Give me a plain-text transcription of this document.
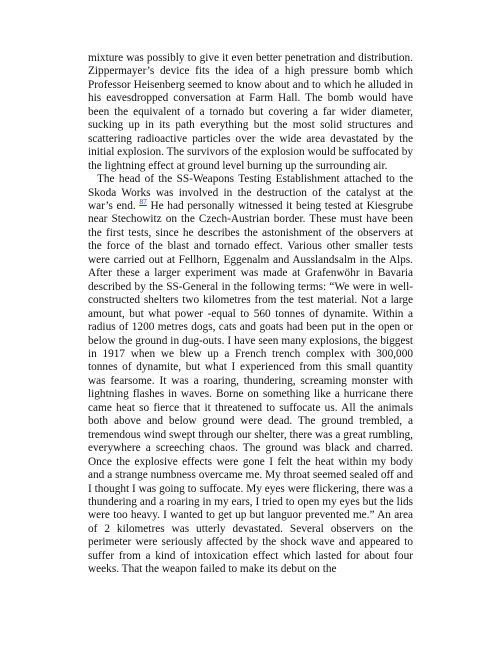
mixture was possibly to give it even better penetration and distribution. Zippermayer’s device fits the idea of a high pressure bomb which Professor Heisenberg seemed to know about and to which he alluded in his eavesdropped conversation at Farm Hall. The bomb would have been the equivalent of a tornado but covering a far wider diameter, sucking up in its path everything but the most solid structures and scattering radioactive particles over the wide area devastated by the initial explosion. The survivors of the explosion would be suffocated by the lightning effect at ground level burning up the surrounding air.

The head of the SS-Weapons Testing Establishment attached to the Skoda Works was involved in the destruction of the catalyst at the war’s end. $^{87}$ He had personally witnessed it being tested at Kiesgrube near Stechowitz on the Czech-Austrian border. These must have been the first tests, since he describes the astonishment of the observers at the force of the blast and tornado effect. Various other smaller tests were carried out at Fellhorn, Eggenalm and Ausslandsalm in the Alps. After these a larger experiment was made at Grafenwöhr in Bavaria described by the SS-General in the following terms: “We were in well-constructed shelters two kilometres from the test material. Not a large amount, but what power -equal to 560 tonnes of dynamite. Within a radius of 1200 metres dogs, cats and goats had been put in the open or below the ground in dug-outs. I have seen many explosions, the biggest in 1917 when we blew up a French trench complex with 300,000 tonnes of dynamite, but what I experienced from this small quantity was fearsome. It was a roaring, thundering, screaming monster with lightning flashes in waves. Borne on something like a hurricane there came heat so fierce that it threatened to suffocate us. All the animals both above and below ground were dead. The ground trembled, a tremendous wind swept through our shelter, there was a great rumbling, everywhere a screeching chaos. The ground was black and charred. Once the explosive effects were gone I felt the heat within my body and a strange numbness overcame me. My throat seemed sealed off and I thought I was going to suffocate. My eyes were flickering, there was a thundering and a roaring in my ears, I tried to open my eyes but the lids were too heavy. I wanted to get up but languor prevented me.” An area of 2 kilometres was utterly devastated. Several observers on the perimeter were seriously affected by the shock wave and appeared to suffer from a kind of intoxication effect which lasted for about four weeks. That the weapon failed to make its debut on the
